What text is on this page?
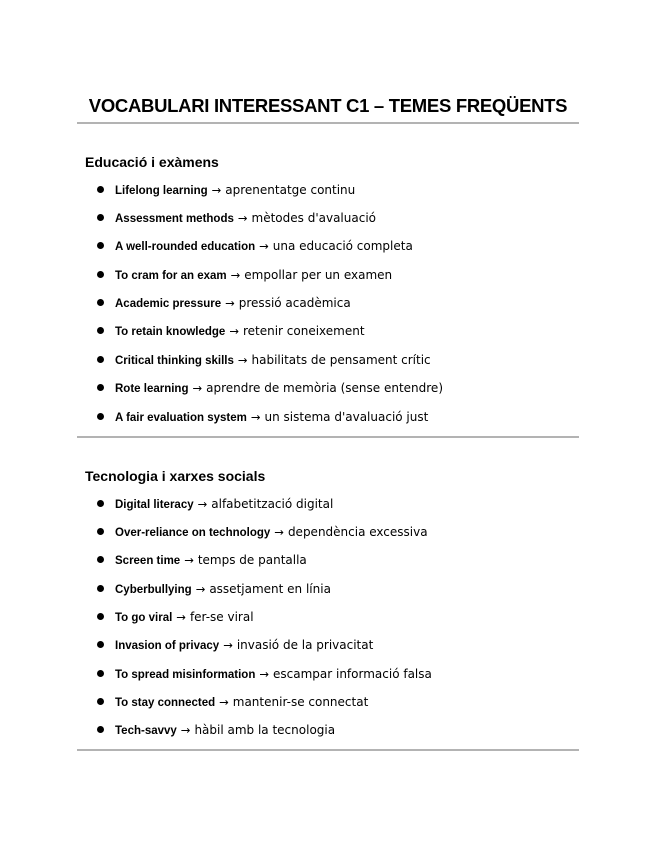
VOCABULARI INTERESSANT C1 – TEMES FREQÜENTS
Educació i exàmens
Lifelong learning → aprenentatge continu
Assessment methods → mètodes d'avaluació
A well-rounded education → una educació completa
To cram for an exam → empollar per un examen
Academic pressure → pressió acadèmica
To retain knowledge → retenir coneixement
Critical thinking skills → habilitats de pensament crític
Rote learning → aprendre de memòria (sense entendre)
A fair evaluation system → un sistema d'avaluació just
Tecnologia i xarxes socials
Digital literacy → alfabetització digital
Over-reliance on technology → dependència excessiva
Screen time → temps de pantalla
Cyberbullying → assetjament en línia
To go viral → fer-se viral
Invasion of privacy → invasió de la privacitat
To spread misinformation → escampar informació falsa
To stay connected → mantenir-se connectat
Tech-savvy → hàbil amb la tecnologia
